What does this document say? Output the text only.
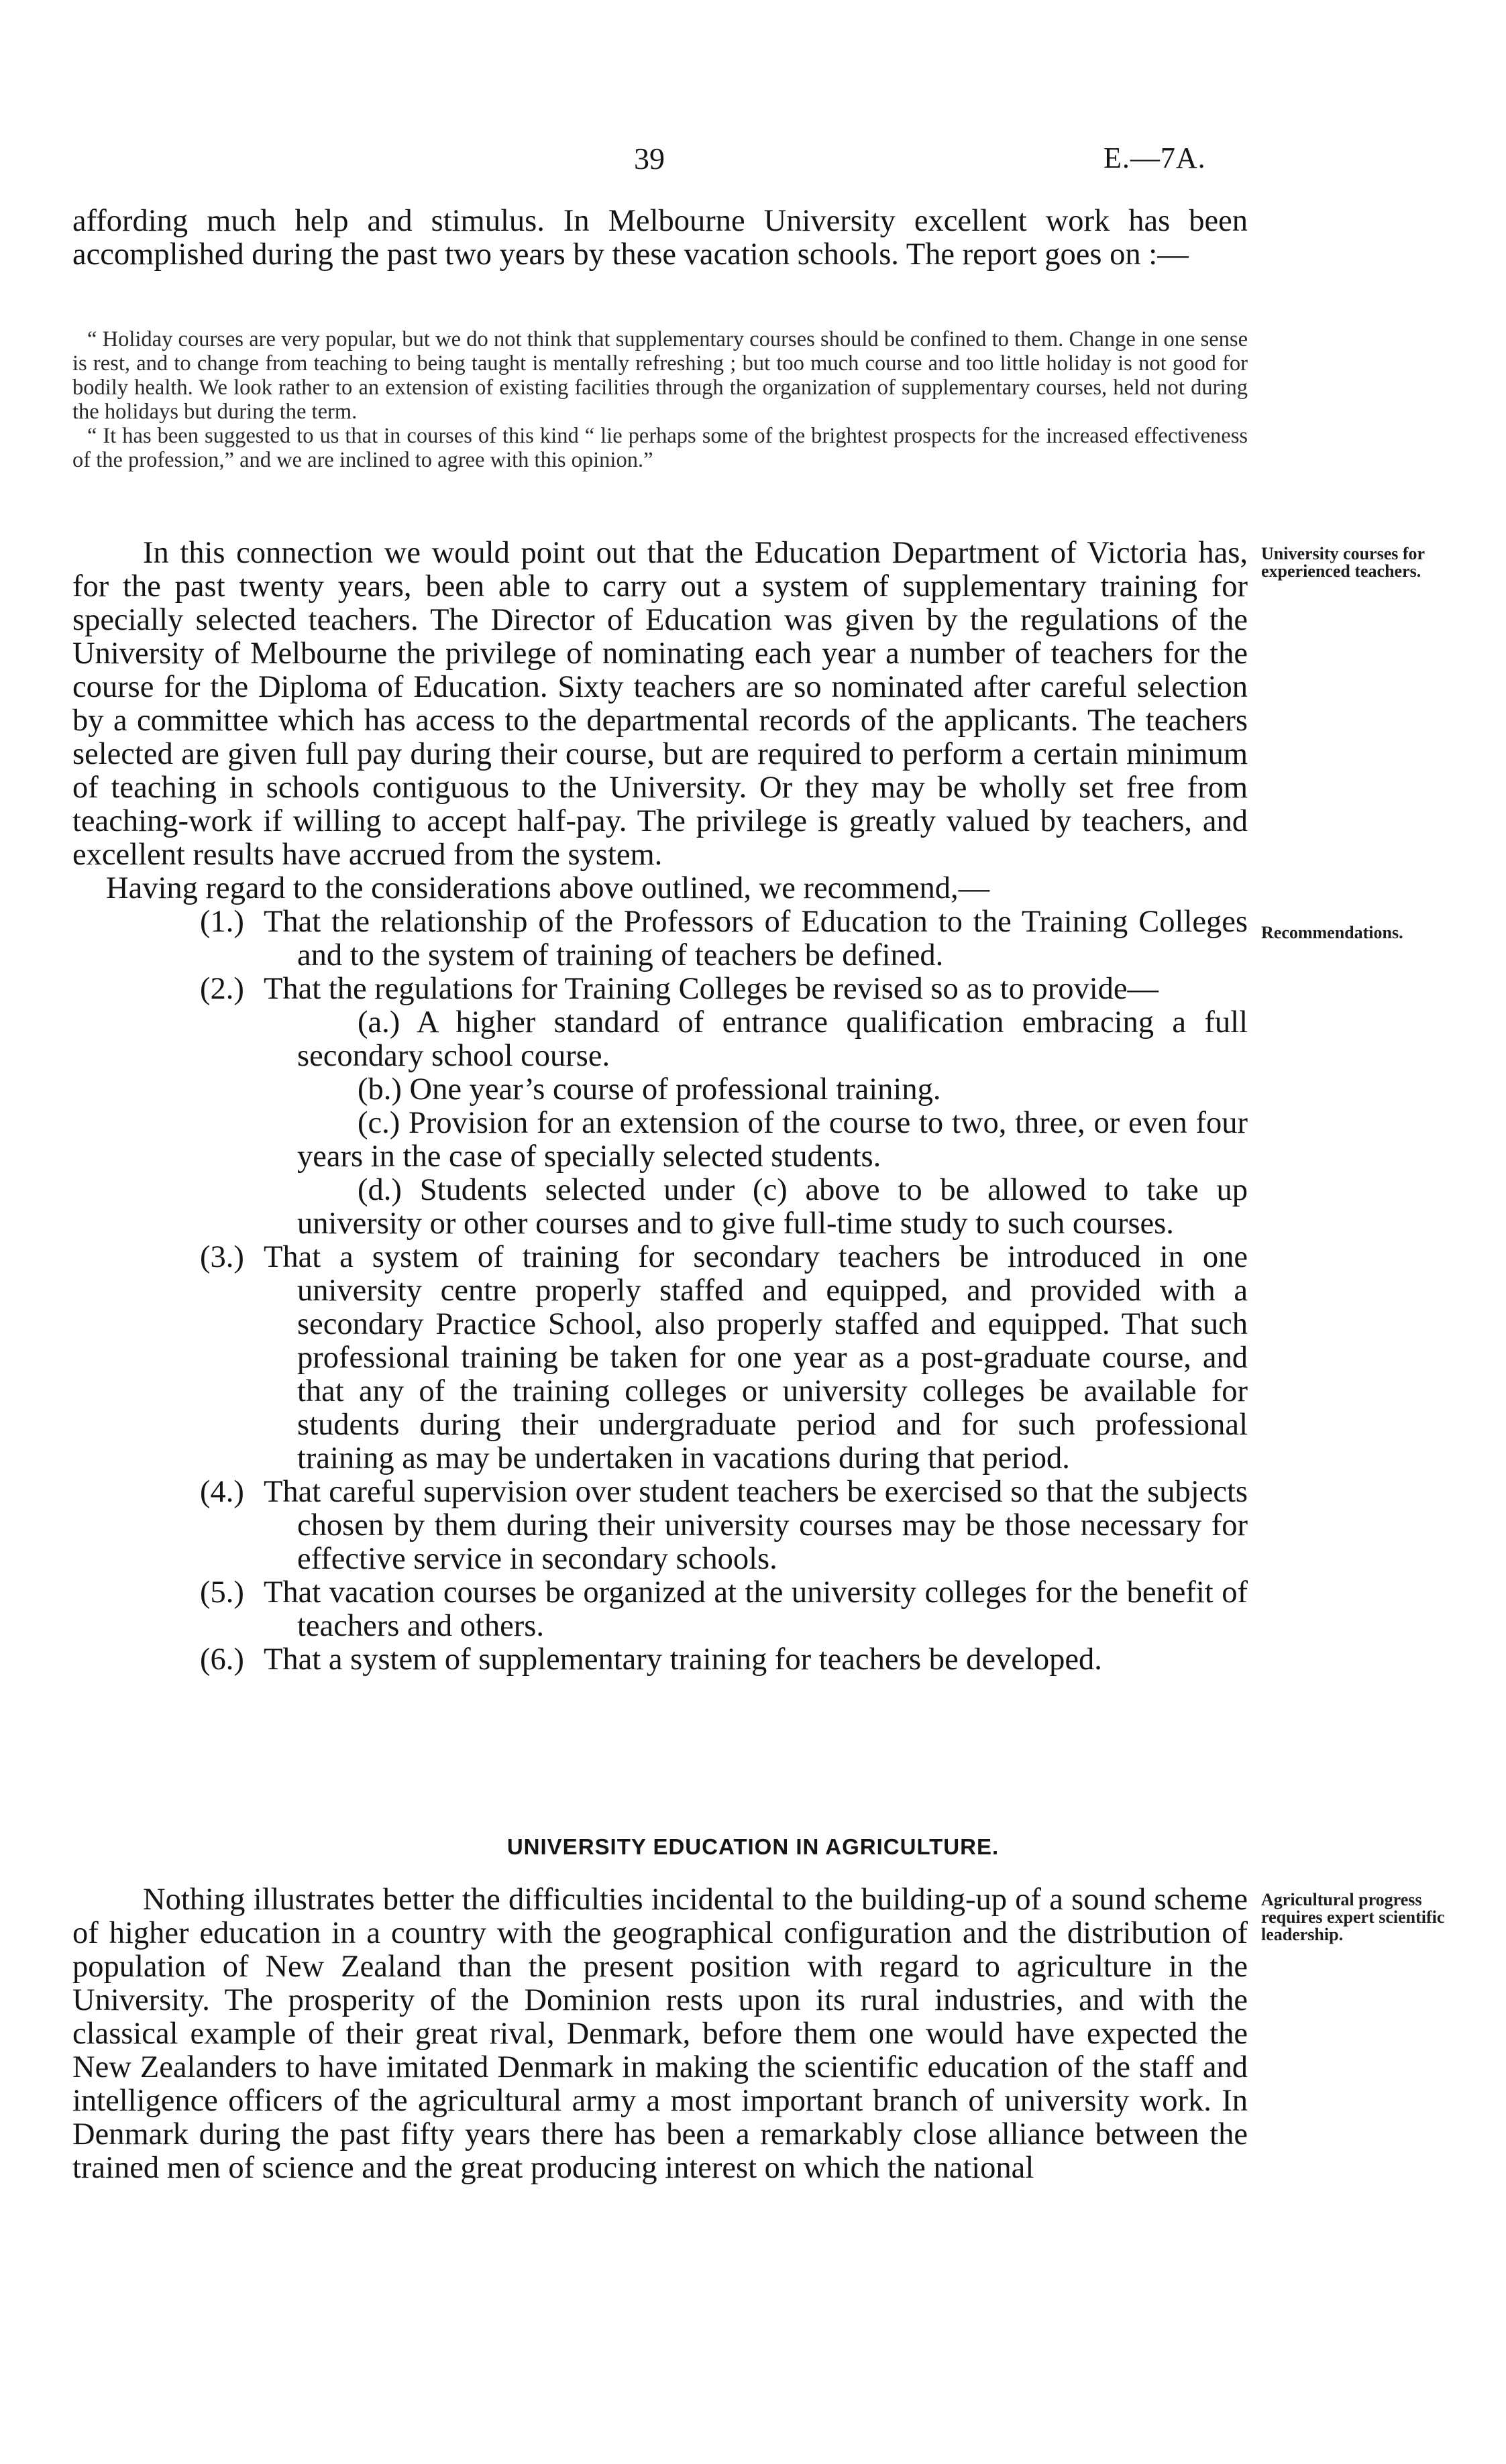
39	E.—7A.

affording much help and stimulus. In Melbourne University excellent work has been accomplished during the past two years by these vacation schools. The report goes on :—

“ Holiday courses are very popular, but we do not think that supplementary courses should be confined to them. Change in one sense is rest, and to change from teaching to being taught is mentally refreshing ; but too much course and too little holiday is not good for bodily health. We look rather to an extension of existing facilities through the organization of supplementary courses, held not during the holidays but during the term.

“ It has been suggested to us that in courses of this kind “ lie perhaps some of the brightest prospects for the increased effectiveness of the profession,” and we are inclined to agree with this opinion.”

In this connection we would point out that the Education Department of Victoria has, for the past twenty years, been able to carry out a system of supplementary training for specially selected teachers. The Director of Education was given by the regulations of the University of Melbourne the privilege of nominating each year a number of teachers for the course for the Diploma of Education. Sixty teachers are so nominated after careful selection by a committee which has access to the departmental records of the applicants. The teachers selected are given full pay during their course, but are required to perform a certain minimum of teaching in schools contiguous to the University. Or they may be wholly set free from teaching-work if willing to accept half-pay. The privilege is greatly valued by teachers, and excellent results have accrued from the system.

Having regard to the considerations above outlined, we recommend,—

(1.) That the relationship of the Professors of Education to the Training Colleges and to the system of training of teachers be defined.
(2.) That the regulations for Training Colleges be revised so as to provide—
(a.) A higher standard of entrance qualification embracing a full secondary school course.
(b.) One year’s course of professional training.
(c.) Provision for an extension of the course to two, three, or even four years in the case of specially selected students.
(d.) Students selected under (c) above to be allowed to take up university or other courses and to give full-time study to such courses.
(3.) That a system of training for secondary teachers be introduced in one university centre properly staffed and equipped, and provided with a secondary Practice School, also properly staffed and equipped. That such professional training be taken for one year as a post-graduate course, and that any of the training colleges or university colleges be available for students during their undergraduate period and for such professional training as may be undertaken in vacations during that period.
(4.) That careful supervision over student teachers be exercised so that the subjects chosen by them during their university courses may be those necessary for effective service in secondary schools.
(5.) That vacation courses be organized at the university colleges for the benefit of teachers and others.
(6.) That a system of supplementary training for teachers be developed.
UNIVERSITY EDUCATION IN AGRICULTURE.

Nothing illustrates better the difficulties incidental to the building-up of a sound scheme of higher education in a country with the geographical configuration and the distribution of population of New Zealand than the present position with regard to agriculture in the University. The prosperity of the Dominion rests upon its rural industries, and with the classical example of their great rival, Denmark, before them one would have expected the New Zealanders to have imitated Denmark in making the scientific education of the staff and intelligence officers of the agricultural army a most important branch of university work. In Denmark during the past fifty years there has been a remarkably close alliance between the trained men of science and the great producing interest on which the national

University courses for experienced teachers.
Recommendations.
Agricultural progress requires expert scientific leadership.
